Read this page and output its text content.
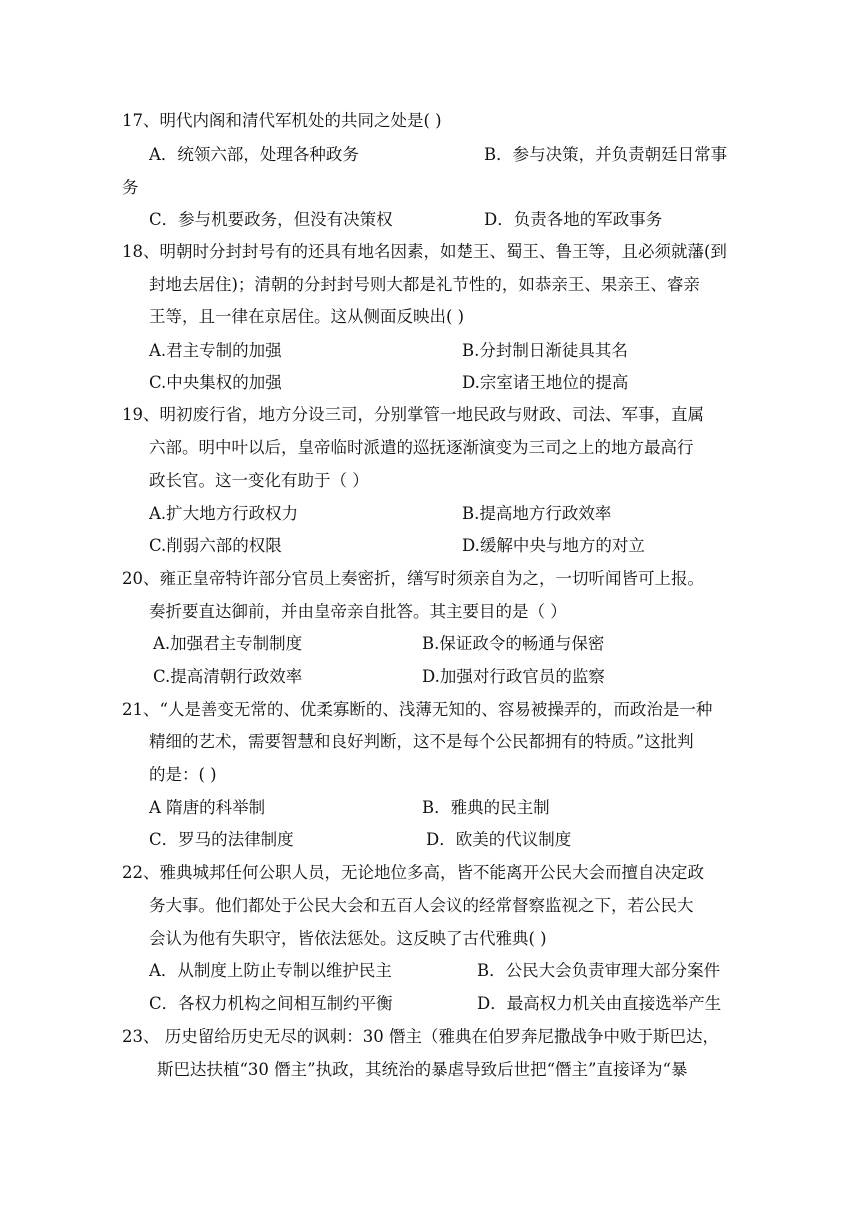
17、明代内阁和清代军机处的共同之处是( )
A．统领六部，处理各种政务	B．参与决策，并负责朝廷日常事
务
C．参与机要政务，但没有决策权	D．负责各地的军政事务
18、明朝时分封封号有的还具有地名因素，如楚王、蜀王、鲁王等，且必须就藩(到
封地去居住)；清朝的分封封号则大都是礼节性的，如恭亲王、果亲王、睿亲
王等，且一律在京居住。这从侧面反映出( )
A.君主专制的加强	B.分封制日渐徒具其名
C.中央集权的加强	D.宗室诸王地位的提高
19、明初废行省，地方分设三司，分别掌管一地民政与财政、司法、军事，直属
六部。明中叶以后，皇帝临时派遣的巡抚逐渐演变为三司之上的地方最高行
政长官。这一变化有助于（ ）
A.扩大地方行政权力	B.提高地方行政效率
C.削弱六部的权限	D.缓解中央与地方的对立
20、雍正皇帝特许部分官员上奏密折，缮写时须亲自为之，一切听闻皆可上报。
奏折要直达御前，并由皇帝亲自批答。其主要目的是（ ）
A.加强君主专制制度	B.保证政令的畅通与保密
C.提高清朝行政效率	D.加强对行政官员的监察
21、“人是善变无常的、优柔寡断的、浅薄无知的、容易被操弄的，而政治是一种
精细的艺术，需要智慧和良好判断，这不是每个公民都拥有的特质。”这批判
的是：( )
A 隋唐的科举制	B．雅典的民主制
C．罗马的法律制度	D．欧美的代议制度
22、雅典城邦任何公职人员，无论地位多高，皆不能离开公民大会而擅自决定政
务大事。他们都处于公民大会和五百人会议的经常督察监视之下，若公民大
会认为他有失职守，皆依法惩处。这反映了古代雅典( )
A．从制度上防止专制以维护民主	B．公民大会负责审理大部分案件
C．各权力机构之间相互制约平衡	D．最高权力机关由直接选举产生
23、 历史留给历史无尽的讽刺：30 僭主（雅典在伯罗奔尼撒战争中败于斯巴达，
斯巴达扶植“30 僭主”执政，其统治的暴虐导致后世把“僭主”直接译为“暴
